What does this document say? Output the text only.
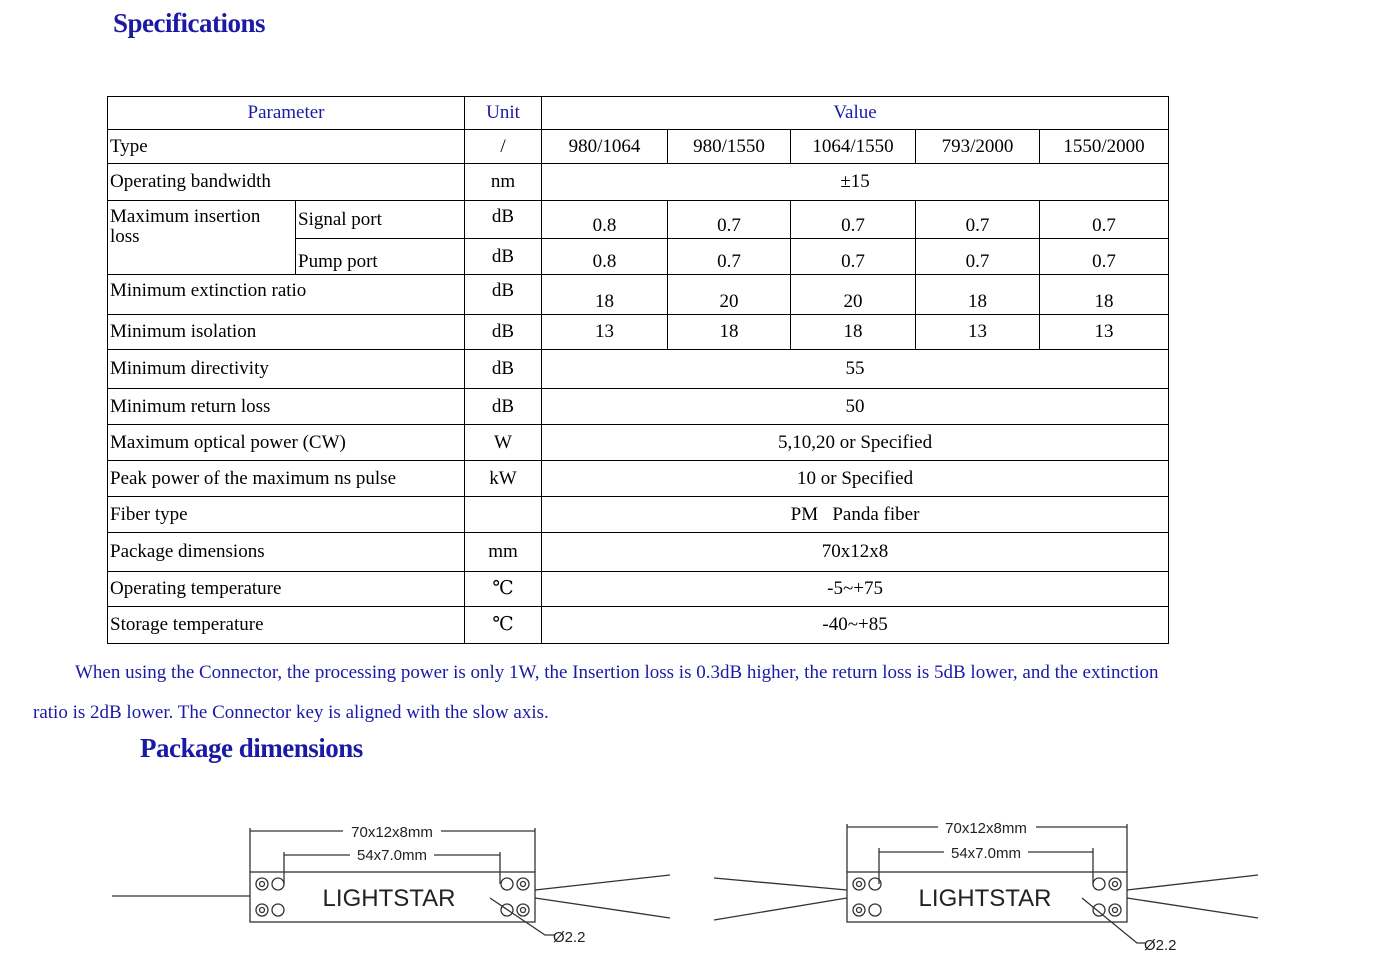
Specifications
Parameter		Unit	Value				
Type		/	980/1064	980/1550	1064/1550	793/2000	1550/2000
Operating bandwidth		nm	±15				
Maximum insertion loss	Signal port	dB	0.8	0.7	0.7	0.7	0.7
	Pump port	dB	0.8	0.7	0.7	0.7	0.7
Minimum extinction ratio		dB	18	20	20	18	18
Minimum isolation		dB	13	18	18	13	13
Minimum directivity		dB	55				
Minimum return loss		dB	50				
Maximum optical power (CW)		W	5,10,20 or Specified				
Peak power of the maximum ns pulse		kW	10 or Specified				
Fiber type			PM   Panda fiber				
Package dimensions		mm	70x12x8				
Operating temperature		℃	-5~+75				
Storage temperature		℃	-40~+85				
When using the Connector, the processing power is only 1W, the Insertion loss is 0.3dB higher, the return loss is 5dB lower, and the extinction
ratio is 2dB lower. The Connector key is aligned with the slow axis.
Package dimensions
70x12x8mm
54x7.0mm
LIGHTSTAR
Ø2.2
70x12x8mm
54x7.0mm
LIGHTSTAR
Ø2.2
